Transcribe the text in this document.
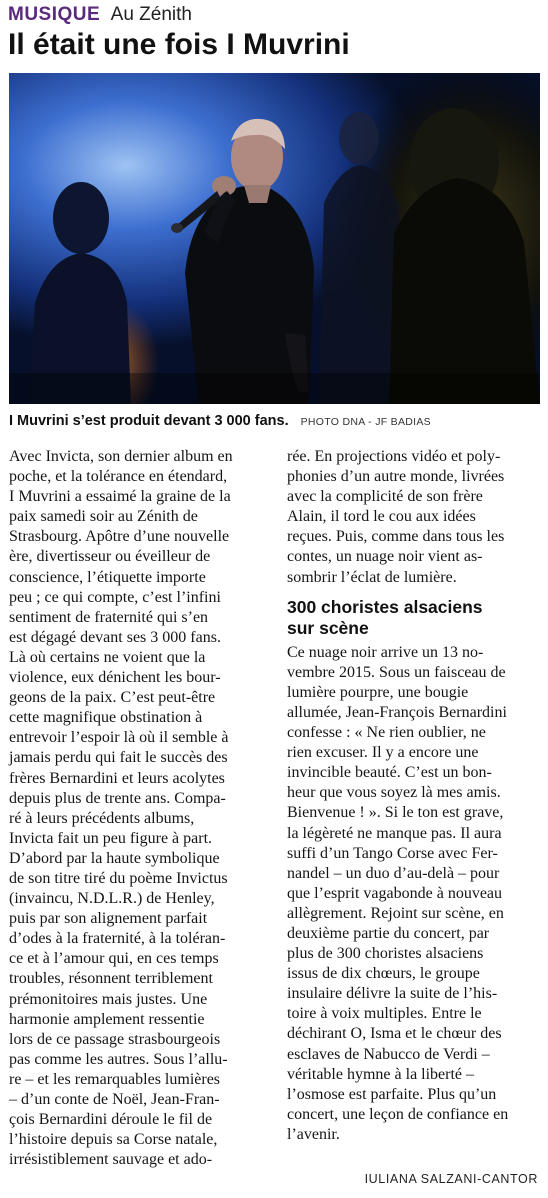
MUSIQUE Au Zénith
Il était une fois I Muvrini
I Muvrini s’est produit devant 3 000 fans. PHOTO DNA - JF BADIAS
Avec Invicta, son dernier album en
poche, et la tolérance en étendard,
I Muvrini a essaimé la graine de la
paix samedi soir au Zénith de
Strasbourg. Apôtre d’une nouvelle
ère, divertisseur ou éveilleur de
conscience, l’étiquette importe
peu ; ce qui compte, c’est l’infini
sentiment de fraternité qui s’en
est dégagé devant ses 3 000 fans.
Là où certains ne voient que la
violence, eux dénichent les bour-
geons de la paix. C’est peut-être
cette magnifique obstination à
entrevoir l’espoir là où il semble à
jamais perdu qui fait le succès des
frères Bernardini et leurs acolytes
depuis plus de trente ans. Compa-
ré à leurs précédents albums,
Invicta fait un peu figure à part.
D’abord par la haute symbolique
de son titre tiré du poème Invictus
(invaincu, N.D.L.R.) de Henley,
puis par son alignement parfait
d’odes à la fraternité, à la toléran-
ce et à l’amour qui, en ces temps
troubles, résonnent terriblement
prémonitoires mais justes. Une
harmonie amplement ressentie
lors de ce passage strasbourgeois
pas comme les autres. Sous l’allu-
re – et les remarquables lumières
– d’un conte de Noël, Jean-Fran-
çois Bernardini déroule le fil de
l’histoire depuis sa Corse natale,
irrésistiblement sauvage et ado-
rée. En projections vidéo et poly-
phonies d’un autre monde, livrées
avec la complicité de son frère
Alain, il tord le cou aux idées
reçues. Puis, comme dans tous les
contes, un nuage noir vient as-
sombrir l’éclat de lumière.
300 choristes alsaciens
sur scène
Ce nuage noir arrive un 13 no-
vembre 2015. Sous un faisceau de
lumière pourpre, une bougie
allumée, Jean-François Bernardini
confesse : « Ne rien oublier, ne
rien excuser. Il y a encore une
invincible beauté. C’est un bon-
heur que vous soyez là mes amis.
Bienvenue ! ». Si le ton est grave,
la légèreté ne manque pas. Il aura
suffi d’un Tango Corse avec Fer-
nandel – un duo d’au-delà – pour
que l’esprit vagabonde à nouveau
allègrement. Rejoint sur scène, en
deuxième partie du concert, par
plus de 300 choristes alsaciens
issus de dix chœurs, le groupe
insulaire délivre la suite de l’his-
toire à voix multiples. Entre le
déchirant O, Isma et le chœur des
esclaves de Nabucco de Verdi –
véritable hymne à la liberté –
l’osmose est parfaite. Plus qu’un
concert, une leçon de confiance en
l’avenir.
IULIANA SALZANI-CANTOR
